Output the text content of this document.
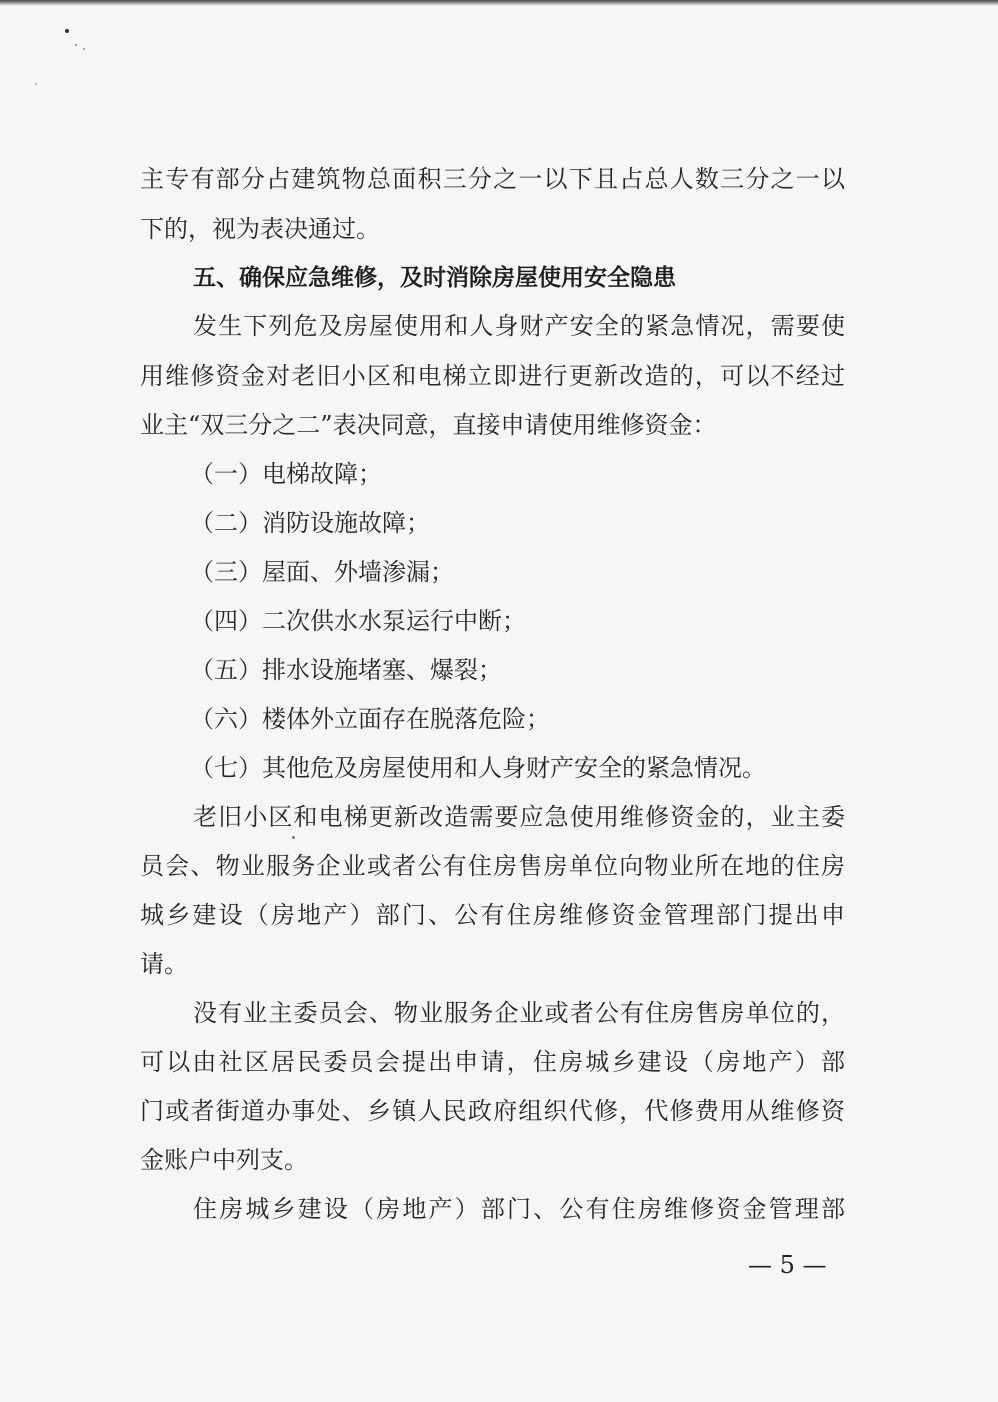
主专有部分占建筑物总面积三分之一以下且占总人数三分之一以
下的，视为表决通过。
五、确保应急维修，及时消除房屋使用安全隐患
发生下列危及房屋使用和人身财产安全的紧急情况，需要使
用维修资金对老旧小区和电梯立即进行更新改造的，可以不经过
业主“双三分之二”表决同意，直接申请使用维修资金：
（一）电梯故障；
（二）消防设施故障；
（三）屋面、外墙渗漏；
（四）二次供水水泵运行中断；
（五）排水设施堵塞、爆裂；
（六）楼体外立面存在脱落危险；
（七）其他危及房屋使用和人身财产安全的紧急情况。
老旧小区和电梯更新改造需要应急使用维修资金的，业主委
员会、物业服务企业或者公有住房售房单位向物业所在地的住房
城乡建设（房地产）部门、公有住房维修资金管理部门提出申
请。
没有业主委员会、物业服务企业或者公有住房售房单位的，
可以由社区居民委员会提出申请，住房城乡建设（房地产）部
门或者街道办事处、乡镇人民政府组织代修，代修费用从维修资
金账户中列支。
住房城乡建设（房地产）部门、公有住房维修资金管理部
— 5 —
